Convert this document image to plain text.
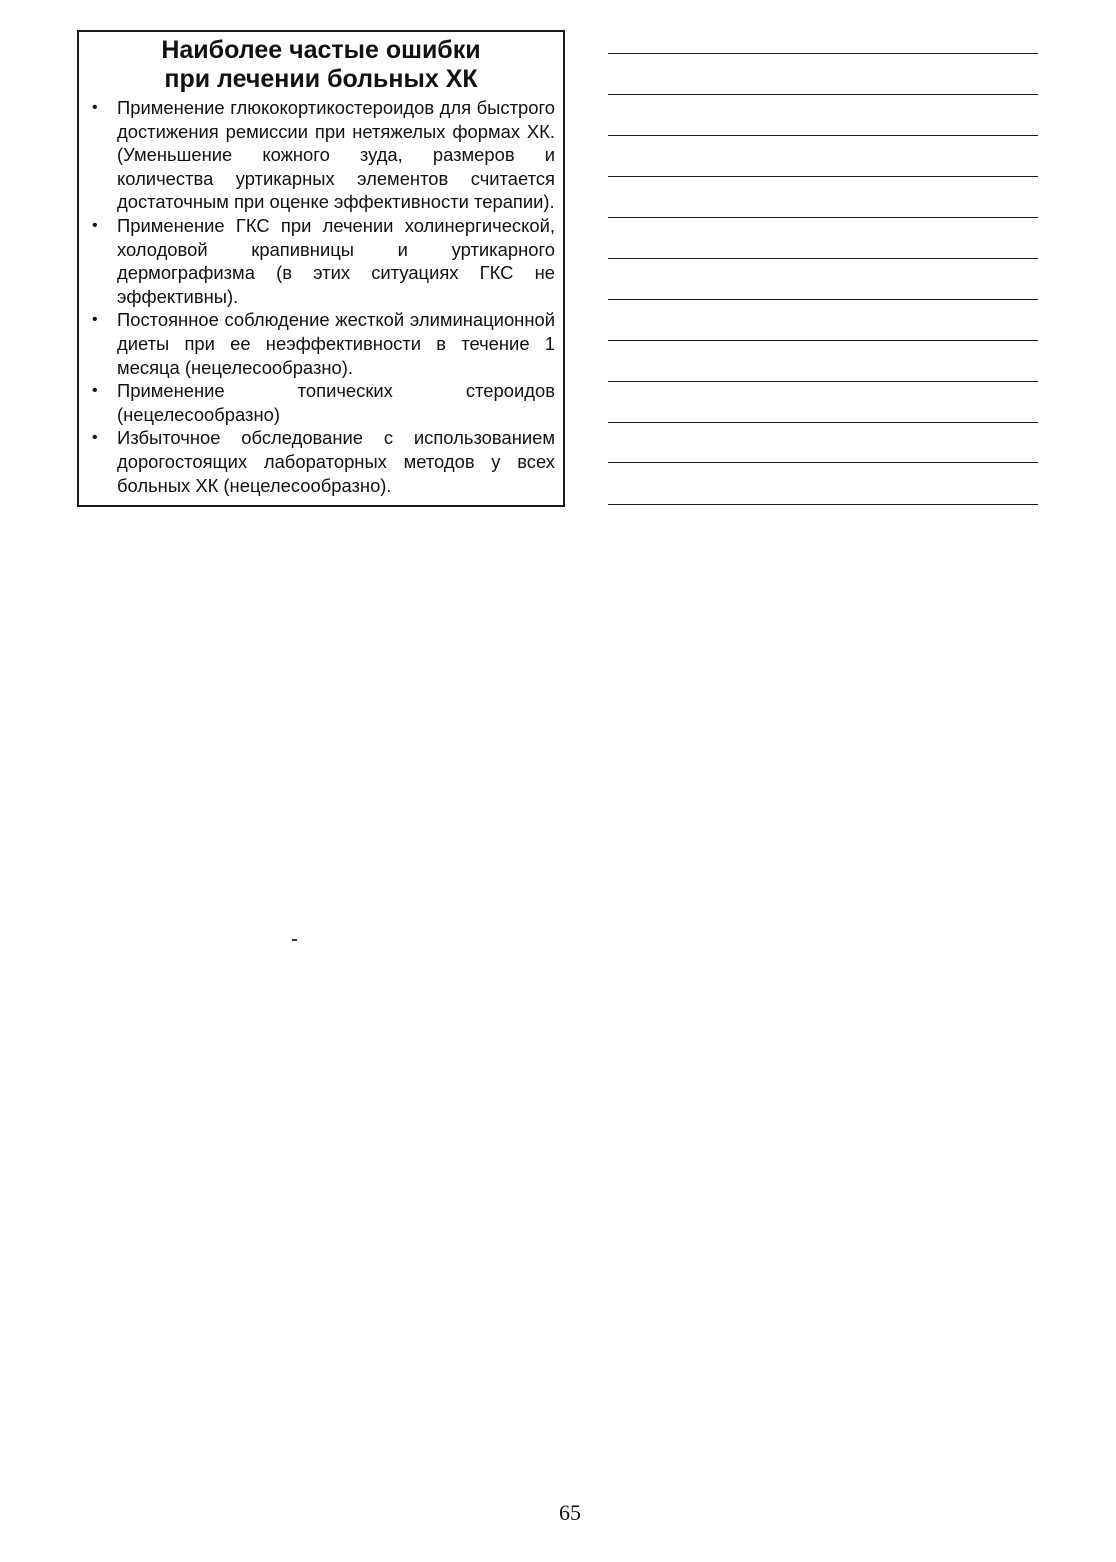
Наиболее частые ошибки
при лечении больных ХК
• Применение глюкокортикостероидов для быстрого достижения ремиссии при нетяжелых формах ХК. (Уменьшение кожного зуда, размеров и количества уртикарных элементов считается достаточным при оценке эффективности терапии).
• Применение ГКС при лечении холинергической, холодовой крапивницы и уртикарного дермографизма (в этих ситуациях ГКС не эффективны).
• Постоянное соблюдение жесткой элиминационной диеты при ее неэффективности в течение 1 месяца (нецелесообразно).
• Применение топических стероидов (нецелесообразно)
• Избыточное обследование с использованием дорогостоящих лабораторных методов у всех больных ХК (нецелесообразно).
65
